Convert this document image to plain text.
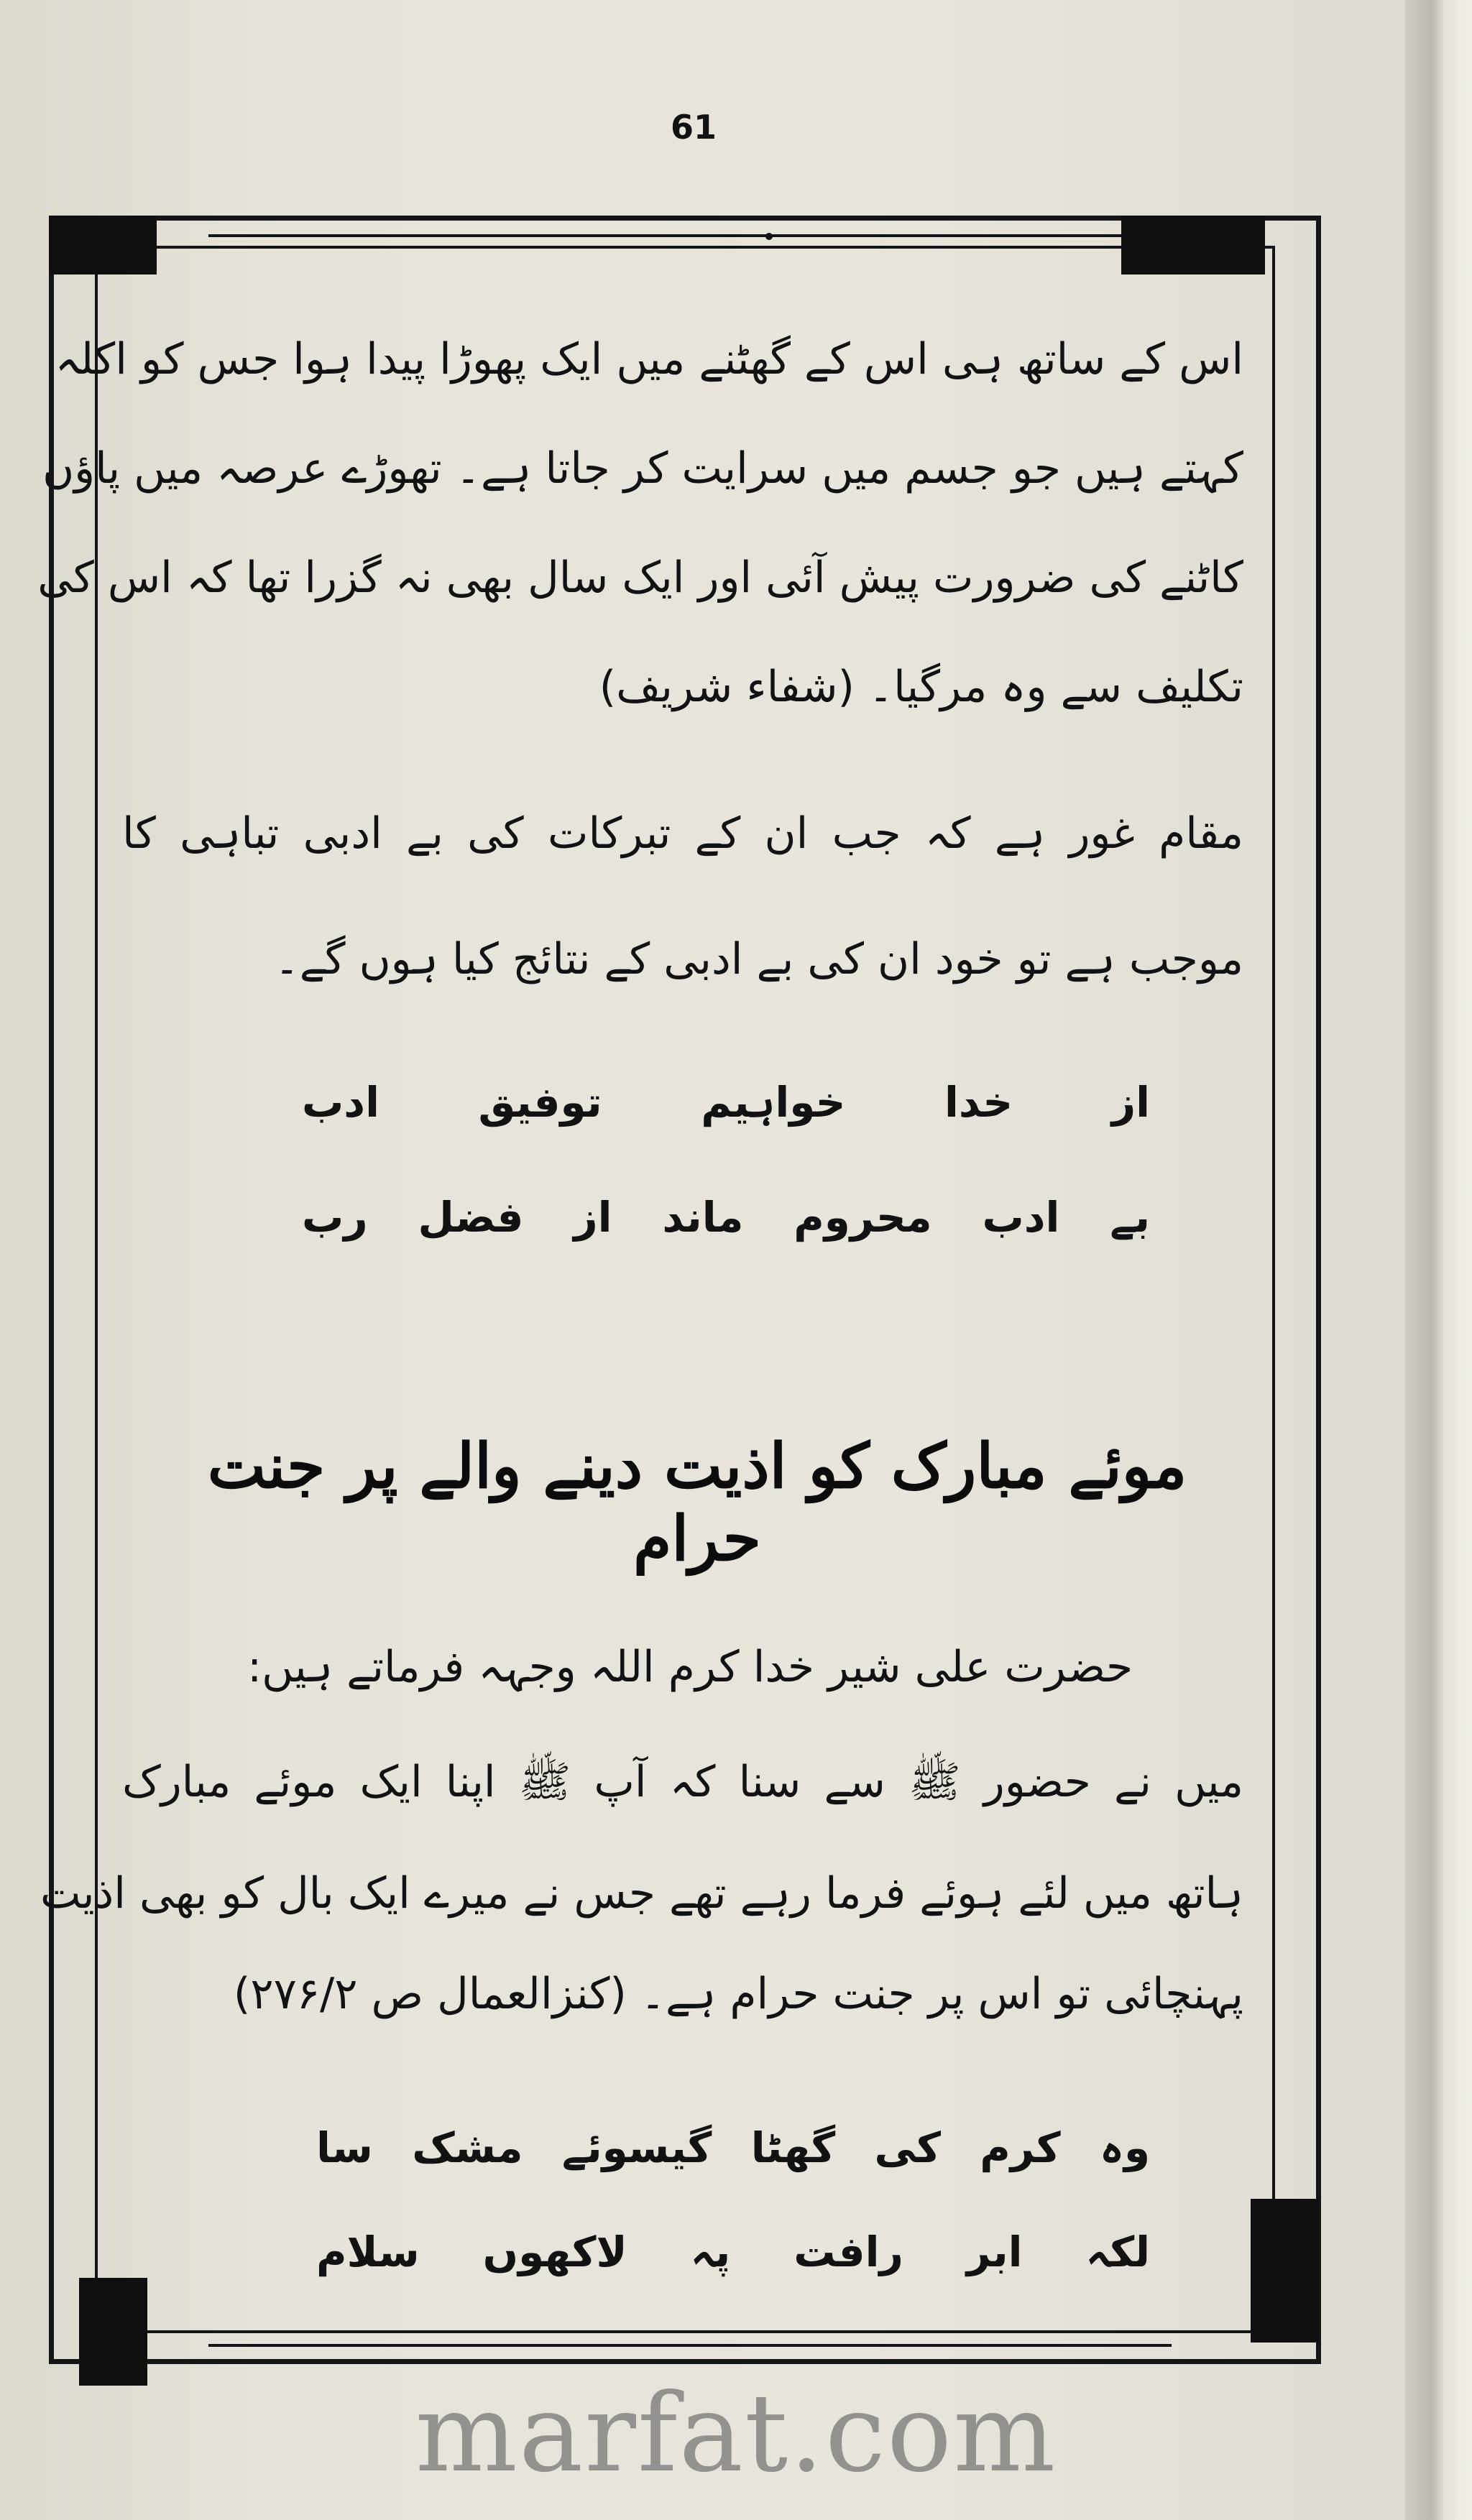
61
اس کے ساتھ ہی اس کے گھٹنے میں ایک پھوڑا پیدا ہوا جس کو اکلہ
کہتے ہیں جو جسم میں سرایت کر جاتا ہے۔ تھوڑے عرصہ میں پاؤں
کاٹنے کی ضرورت پیش آئی اور ایک سال بھی نہ گزرا تھا کہ اس کی
تکلیف سے وہ مرگیا۔ (شفاء شریف)
مقام غور ہے کہ جب ان کے تبرکات کی بے ادبی تباہی کا
موجب ہے تو خود ان کی بے ادبی کے نتائج کیا ہوں گے۔
از
خدا
خواہیم
توفیق
ادب
بے
ادب
محروم
ماند
از
فضل
رب
موئے مبارک کو اذیت دینے والے پر جنت حرام
حضرت علی شیر خدا کرم اللہ وجہہ فرماتے ہیں:
میں نے حضور ﷺ سے سنا کہ آپ ﷺ اپنا ایک موئے مبارک
ہاتھ میں لئے ہوئے فرما رہے تھے جس نے میرے ایک بال کو بھی اذیت
پہنچائی تو اس پر جنت حرام ہے۔ (کنزالعمال ص ۲۷۶/۲)
وہ
کرم
کی
گھٹا
گیسوئے
مشک
سا
لکہ
ابر
رافت
پہ
لاکھوں
سلام
marfat.com
